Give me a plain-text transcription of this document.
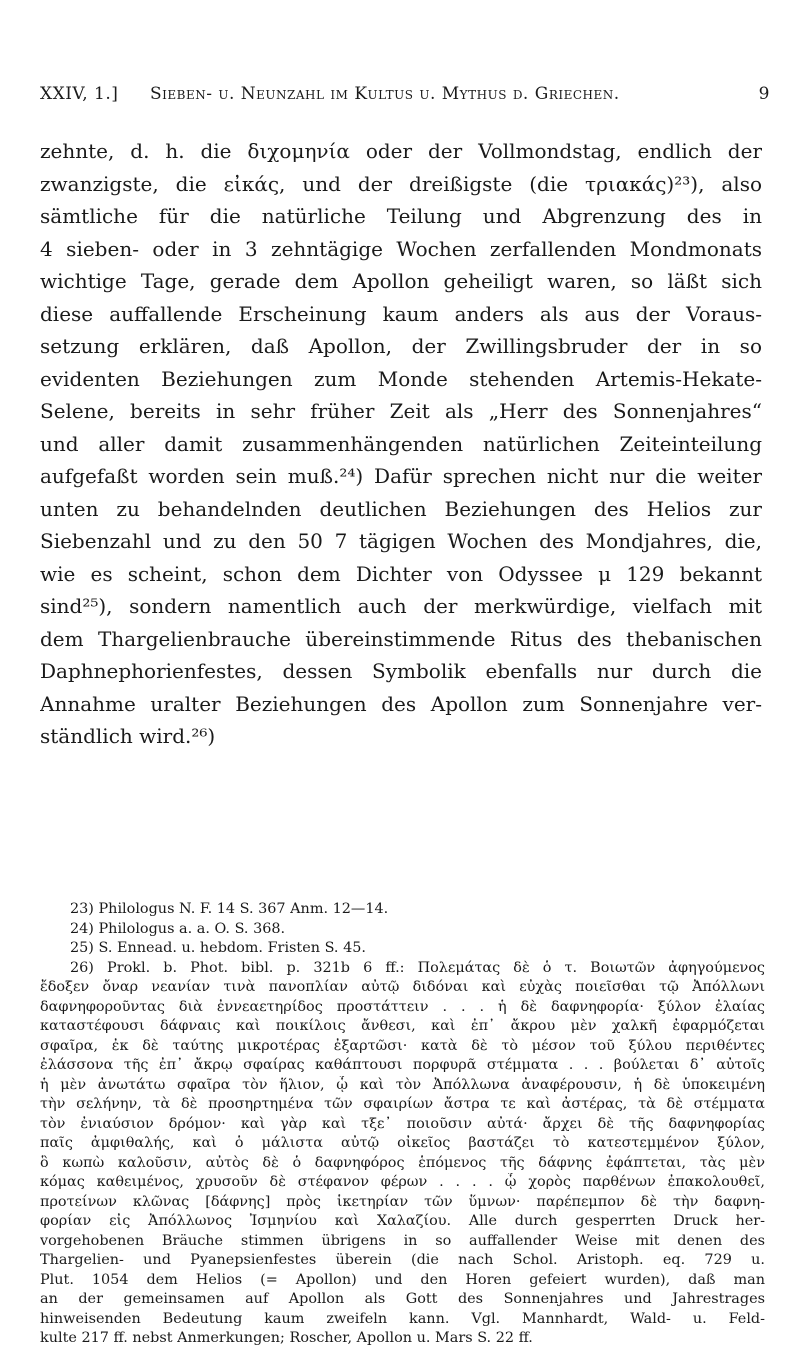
XXIV, 1.] Sieben- u. Neunzahl im Kultus u. Mythus d. Griechen.	9
zehnte, d. h. die διχομηνία oder der Vollmondstag, endlich der
zwanzigste, die εἰκάς, und der dreißigste (die τριακάς)²³), also
sämtliche für die natürliche Teilung und Abgrenzung des in
4 sieben- oder in 3 zehntägige Wochen zerfallenden Mondmonats
wichtige Tage, gerade dem Apollon geheiligt waren, so läßt sich
diese auffallende Erscheinung kaum anders als aus der Voraus-
setzung erklären, daß Apollon, der Zwillingsbruder der in so
evidenten Beziehungen zum Monde stehenden Artemis-Hekate-
Selene, bereits in sehr früher Zeit als „Herr des Sonnenjahres“
und aller damit zusammenhängenden natürlichen Zeiteinteilung
aufgefaßt worden sein muß.²⁴) Dafür sprechen nicht nur die weiter
unten zu behandelnden deutlichen Beziehungen des Helios zur
Siebenzahl und zu den 50 7 tägigen Wochen des Mondjahres, die,
wie es scheint, schon dem Dichter von Odyssee μ 129 bekannt
sind²⁵), sondern namentlich auch der merkwürdige, vielfach mit
dem Thargelienbrauche übereinstimmende Ritus des thebanischen
Daphnephorienfestes, dessen Symbolik ebenfalls nur durch die
Annahme uralter Beziehungen des Apollon zum Sonnenjahre ver-
ständlich wird.²⁶)
23) Philologus N. F. 14 S. 367 Anm. 12—14.
24) Philologus a. a. O. S. 368.
25) S. Ennead. u. hebdom. Fristen S. 45.
26) Prokl. b. Phot. bibl. p. 321b 6 ff.: Πολεμάτας δὲ ὁ τ. Βοιωτῶν ἀφηγούμενος
ἔδοξεν ὄναρ νεανίαν τινὰ πανοπλίαν αὐτῷ διδόναι καὶ εὐχὰς ποιεῖσθαι τῷ Ἀπόλλωνι
δαφνηφοροῦντας διὰ ἐννεαετηρίδος προστάττειν . . . ἡ δὲ δαφνηφορία· ξύλον ἐλαίας
καταστέφουσι δάφναις καὶ ποικίλοις ἄνθεσι, καὶ ἐπ᾽ ἄκρου μὲν χαλκῆ ἐφαρμόζεται
σφαῖρα, ἐκ δὲ ταύτης μικροτέρας ἐξαρτῶσι· κατὰ δὲ τὸ μέσον τοῦ ξύλου περιθέντες
ἐλάσσονα τῆς ἐπ᾽ ἄκρῳ σφαίρας καθάπτουσι πορφυρᾶ στέμματα . . . βούλεται δ᾽ αὐτοῖς
ἡ μὲν ἀνωτάτω σφαῖρα τὸν ἥλιον, ᾧ καὶ τὸν Ἀπόλλωνα ἀναφέρουσιν, ἡ δὲ ὑποκειμένη
τὴν σελήνην, τὰ δὲ προσηρτημένα τῶν σφαιρίων ἄστρα τε καὶ ἀστέρας, τὰ δὲ στέμματα
τὸν ἐνιαύσιον δρόμον· καὶ γὰρ καὶ τξε᾽ ποιοῦσιν αὐτά· ἄρχει δὲ τῆς δαφνηφορίας
παῖς ἀμφιθαλής, καὶ ὁ μάλιστα αὐτῷ οἰκεῖος βαστάζει τὸ κατεστεμμένον ξύλον,
ὃ κωπὼ καλοῦσιν, αὐτὸς δὲ ὁ δαφνηφόρος ἑπόμενος τῆς δάφνης ἐφάπτεται, τὰς μὲν
κόμας καθειμένος, χρυσοῦν δὲ στέφανον φέρων . . . . ᾧ χορὸς παρθένων ἐπακολουθεῖ,
προτείνων κλῶνας [δάφνης] πρὸς ἱκετηρίαν τῶν ὕμνων· παρέπεμπον δὲ τὴν δαφνη-
φορίαν εἰς Ἀπόλλωνος Ἰσμηνίου καὶ Χαλαζίου. Alle durch gesperrten Druck her-
vorgehobenen Bräuche stimmen übrigens in so auffallender Weise mit denen des
Thargelien- und Pyanepsienfestes überein (die nach Schol. Aristoph. eq. 729 u.
Plut. 1054 dem Helios (= Apollon) und den Horen gefeiert wurden), daß man
an der gemeinsamen auf Apollon als Gott des Sonnenjahres und Jahrestrages
hinweisenden Bedeutung kaum zweifeln kann. Vgl. Mannhardt, Wald- u. Feld-
kulte 217 ff. nebst Anmerkungen; Roscher, Apollon u. Mars S. 22 ff.
